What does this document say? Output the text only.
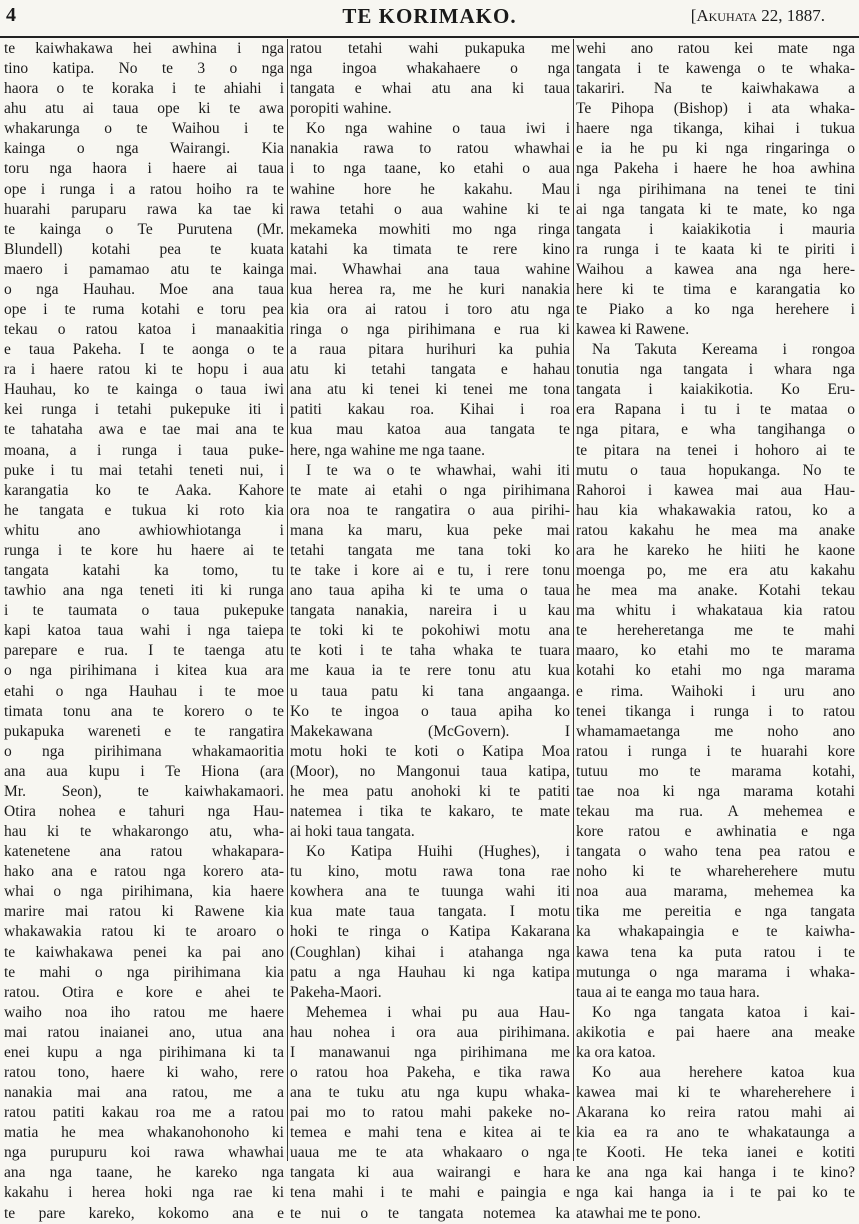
4	TE KORIMAKO.	[Akuhata 22, 1887.
te kaiwhakawa hei awhina i nga
tino katipa. No te 3 o nga
haora o te koraka i te ahiahi i
ahu atu ai taua ope ki te awa
whakarunga o te Waihou i te
kainga o nga Wairangi. Kia
toru nga haora i haere ai taua
ope i runga i a ratou hoiho ra te
huarahi paruparu rawa ka tae ki
te kainga o Te Purutena (Mr.
Blundell) kotahi pea te kuata
maero i pamamao atu te kainga
o nga Hauhau. Moe ana taua
ope i te ruma kotahi e toru pea
tekau o ratou katoa i manaakitia
e taua Pakeha. I te aonga o te
ra i haere ratou ki te hopu i aua
Hauhau, ko te kainga o taua iwi
kei runga i tetahi pukepuke iti i
te tahataha awa e tae mai ana te
moana, a i runga i taua puke-
puke i tu mai tetahi teneti nui, i
karangatia ko te Aaka. Kahore
he tangata e tukua ki roto kia
whitu ano awhiowhiotanga i
runga i te kore hu haere ai te
tangata katahi ka tomo, tu
tawhio ana nga teneti iti ki runga
i te taumata o taua pukepuke
kapi katoa taua wahi i nga taiepa
parepare e rua. I te taenga atu
o nga pirihimana i kitea kua ara
etahi o nga Hauhau i te moe
timata tonu ana te korero o te
pukapuka wareneti e te rangatira
o nga pirihimana whakamaoritia
ana aua kupu i Te Hiona (ara
Mr. Seon), te kaiwhakamaori.
Otira nohea e tahuri nga Hau-
hau ki te whakarongo atu, wha-
katenetene ana ratou whakapara-
hako ana e ratou nga korero ata-
whai o nga pirihimana, kia haere
marire mai ratou ki Rawene kia
whakawakia ratou ki te aroaro o
te kaiwhakawa penei ka pai ano
te mahi o nga pirihimana kia
ratou. Otira e kore e ahei te
waiho noa iho ratou me haere
mai ratou inaianei ano, utua ana
enei kupu a nga pirihimana ki ta
ratou tono, haere ki waho, rere
nanakia mai ana ratou, me a
ratou patiti kakau roa me a ratou
matia he mea whakanohonoho ki
nga purupuru koi rawa whawhai
ana nga taane, he kareko nga
kakahu i herea hoki nga rae ki
te pare kareko, kokomo ana e
ratou tetahi wahi pukapuka me
nga ingoa whakahaere o nga
tangata e whai atu ana ki taua
poropiti wahine.
Ko nga wahine o taua iwi i
nanakia rawa to ratou whawhai
i to nga taane, ko etahi o aua
wahine hore he kakahu. Mau
rawa tetahi o aua wahine ki te
mekameka mowhiti mo nga ringa
katahi ka timata te rere kino
mai. Whawhai ana taua wahine
kua herea ra, me he kuri nanakia
kia ora ai ratou i toro atu nga
ringa o nga pirihimana e rua ki
a raua pitara hurihuri ka puhia
atu ki tetahi tangata e hahau
ana atu ki tenei ki tenei me tona
patiti kakau roa. Kihai i roa
kua mau katoa aua tangata te
here, nga wahine me nga taane.
I te wa o te whawhai, wahi iti
te mate ai etahi o nga pirihimana
ora noa te rangatira o aua pirihi-
mana ka maru, kua peke mai
tetahi tangata me tana toki ko
te take i kore ai e tu, i rere tonu
ano taua apiha ki te uma o taua
tangata nanakia, nareira i u kau
te toki ki te pokohiwi motu ana
te koti i te taha whaka te tuara
me kaua ia te rere tonu atu kua
u taua patu ki tana angaanga.
Ko te ingoa o taua apiha ko
Makekawana (McGovern). I
motu hoki te koti o Katipa Moa
(Moor), no Mangonui taua katipa,
he mea patu anohoki ki te patiti
natemea i tika te kakaro, te mate
ai hoki taua tangata.
Ko Katipa Huihi (Hughes), i
tu kino, motu rawa tona rae
kowhera ana te tuunga wahi iti
kua mate taua tangata. I motu
hoki te ringa o Katipa Kakarana
(Coughlan) kihai i atahanga nga
patu a nga Hauhau ki nga katipa
Pakeha-Maori.
Mehemea i whai pu aua Hau-
hau nohea i ora aua pirihimana.
I manawanui nga pirihimana me
o ratou hoa Pakeha, e tika rawa
ana te tuku atu nga kupu whaka-
pai mo to ratou mahi pakeke no-
temea e mahi tena e kitea ai te
uaua me te ata whakaaro o nga
tangata ki aua wairangi e hara
tena mahi i te mahi e paingia e
te nui o te tangata notemea ka
wehi ano ratou kei mate nga
tangata i te kawenga o te whaka-
takariri. Na te kaiwhakawa a
Te Pihopa (Bishop) i ata whaka-
haere nga tikanga, kihai i tukua
e ia he pu ki nga ringaringa o
nga Pakeha i haere he hoa awhina
i nga pirihimana na tenei te tini
ai nga tangata ki te mate, ko nga
tangata i kaiakikotia i mauria
ra runga i te kaata ki te piriti i
Waihou a kawea ana nga here-
here ki te tima e karangatia ko
te Piako a ko nga herehere i
kawea ki Rawene.
Na Takuta Kereama i rongoa
tonutia nga tangata i whara nga
tangata i kaiakikotia. Ko Eru-
era Rapana i tu i te mataa o
nga pitara, e wha tangihanga o
te pitara na tenei i hohoro ai te
mutu o taua hopukanga. No te
Rahoroi i kawea mai aua Hau-
hau kia whakawakia ratou, ko a
ratou kakahu he mea ma anake
ara he kareko he hiiti he kaone
moenga po, me era atu kakahu
he mea ma anake. Kotahi tekau
ma whitu i whakataua kia ratou
te hereheretanga me te mahi
maaro, ko etahi mo te marama
kotahi ko etahi mo nga marama
e rima. Waihoki i uru ano
tenei tikanga i runga i to ratou
whamamaetanga me noho ano
ratou i runga i te huarahi kore
tutuu mo te marama kotahi,
tae noa ki nga marama kotahi
tekau ma rua. A mehemea e
kore ratou e awhinatia e nga
tangata o waho tena pea ratou e
noho ki te whareherehere mutu
noa aua marama, mehemea ka
tika me pereitia e nga tangata
ka whakapaingia e te kaiwha-
kawa tena ka puta ratou i te
mutunga o nga marama i whaka-
taua ai te eanga mo taua hara.
Ko nga tangata katoa i kai-
akikotia e pai haere ana meake
ka ora katoa.
Ko aua herehere katoa kua
kawea mai ki te whareherehere i
Akarana ko reira ratou mahi ai
kia ea ra ano te whakataunga a
te Kooti. He teka ianei e kotiti
ke ana nga kai hanga i te kino?
nga kai hanga ia i te pai ko te
atawhai me te pono.
